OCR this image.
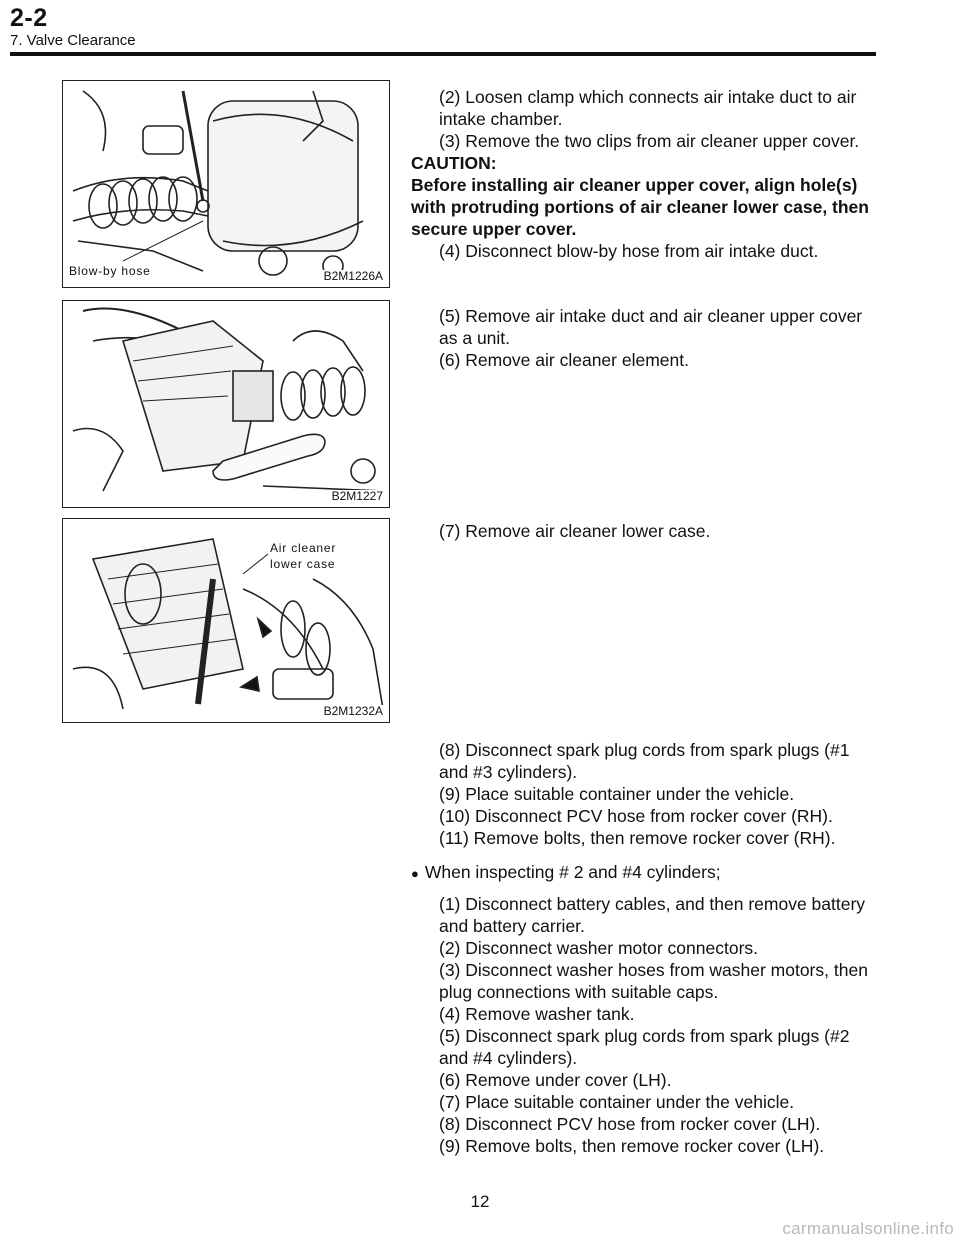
2-2
7. Valve Clearance
Blow-by hose	B2M1226A
B2M1227
Air cleaner
lower case
B2M1232A

(2) Loosen clamp which connects air intake duct to air intake chamber.

(3) Remove the two clips from air cleaner upper cover.

CAUTION:

Before installing air cleaner upper cover, align hole(s) with protruding portions of air cleaner lower case, then secure upper cover.

(4) Disconnect blow-by hose from air intake duct.

(5) Remove air intake duct and air cleaner upper cover as a unit.

(6) Remove air cleaner element.

(7) Remove air cleaner lower case.

(8) Disconnect spark plug cords from spark plugs (#1 and #3 cylinders).

(9) Place suitable container under the vehicle.

(10) Disconnect PCV hose from rocker cover (RH).

(11) Remove bolts, then remove rocker cover (RH).

● When inspecting # 2 and #4 cylinders;

(1) Disconnect battery cables, and then remove battery and battery carrier.

(2) Disconnect washer motor connectors.

(3) Disconnect washer hoses from washer motors, then plug connections with suitable caps.

(4) Remove washer tank.

(5) Disconnect spark plug cords from spark plugs (#2 and #4 cylinders).

(6) Remove under cover (LH).

(7) Place suitable container under the vehicle.

(8) Disconnect PCV hose from rocker cover (LH).

(9) Remove bolts, then remove rocker cover (LH).

12
carmanualsonline.info
